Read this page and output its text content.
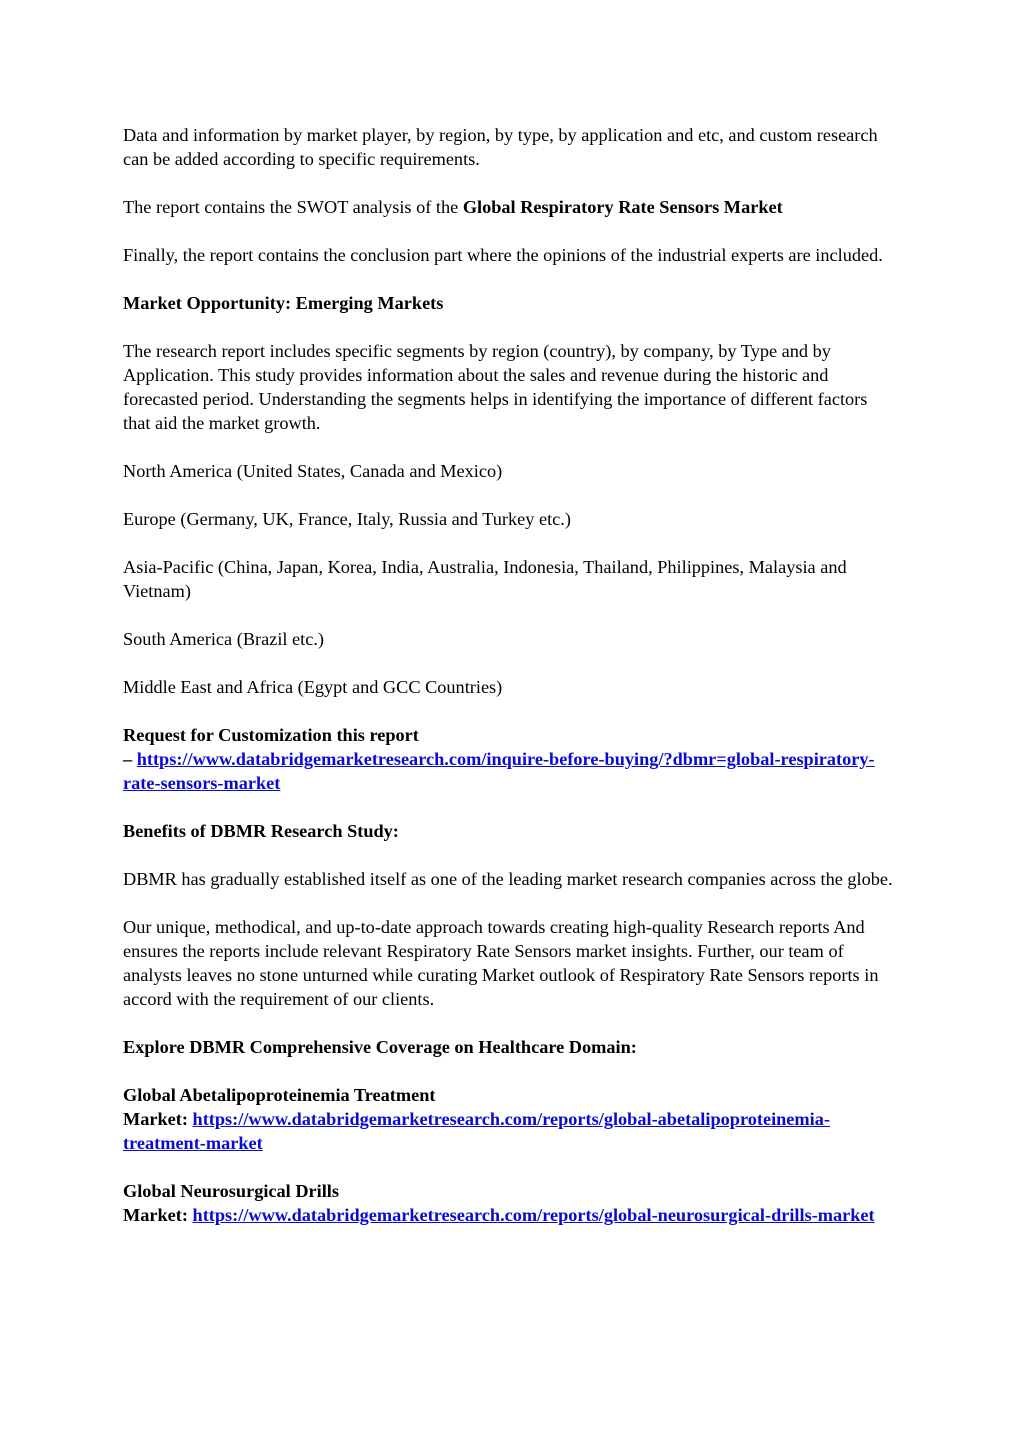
Data and information by market player, by region, by type, by application and etc, and custom research can be added according to specific requirements.

The report contains the SWOT analysis of the Global Respiratory Rate Sensors Market

Finally, the report contains the conclusion part where the opinions of the industrial experts are included.

Market Opportunity: Emerging Markets

The research report includes specific segments by region (country), by company, by Type and by Application. This study provides information about the sales and revenue during the historic and forecasted period. Understanding the segments helps in identifying the importance of different factors that aid the market growth.

North America (United States, Canada and Mexico)

Europe (Germany, UK, France, Italy, Russia and Turkey etc.)

Asia-Pacific (China, Japan, Korea, India, Australia, Indonesia, Thailand, Philippines, Malaysia and Vietnam)

South America (Brazil etc.)

Middle East and Africa (Egypt and GCC Countries)

Request for Customization this report
– https://www.databridgemarketresearch.com/inquire-before-buying/?dbmr=global-respiratory-rate-sensors-market

Benefits of DBMR Research Study:

DBMR has gradually established itself as one of the leading market research companies across the globe.

Our unique, methodical, and up-to-date approach towards creating high-quality Research reports And ensures the reports include relevant Respiratory Rate Sensors market insights. Further, our team of analysts leaves no stone unturned while curating Market outlook of Respiratory Rate Sensors reports in accord with the requirement of our clients.

Explore DBMR Comprehensive Coverage on Healthcare Domain:

Global Abetalipoproteinemia Treatment
Market: https://www.databridgemarketresearch.com/reports/global-abetalipoproteinemia-treatment-market
Global Neurosurgical Drills
Market: https://www.databridgemarketresearch.com/reports/global-neurosurgical-drills-market
